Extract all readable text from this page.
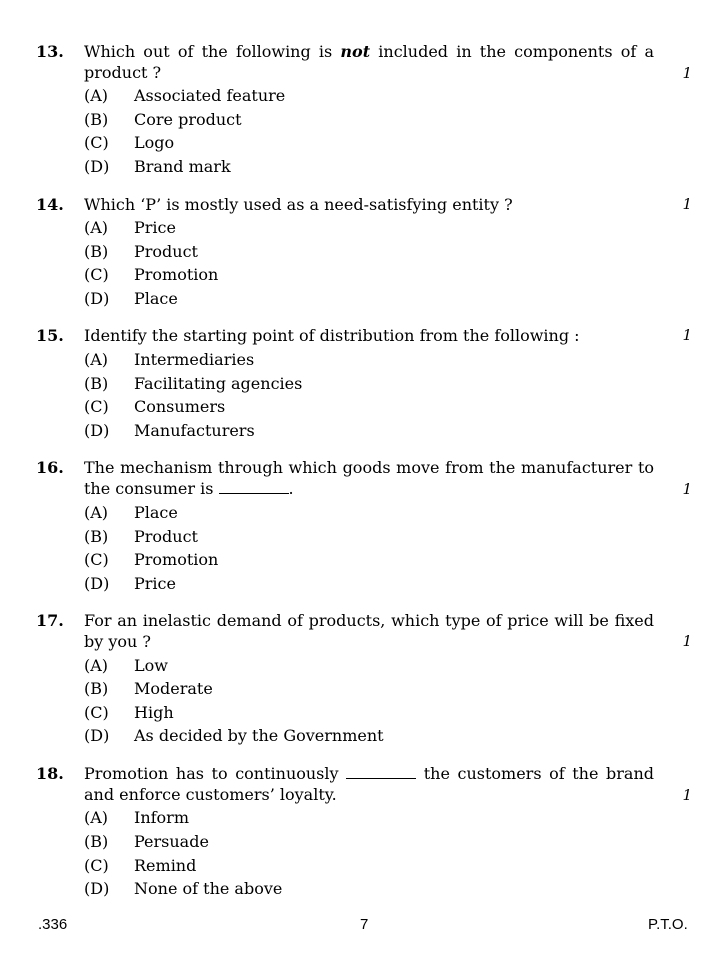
13. Which out of the following is not included in the components of a product ?	1
(A)	Associated feature
(B)	Core product
(C)	Logo
(D)	Brand mark
14. Which ‘P’ is mostly used as a need-satisfying entity ?	1
(A)	Price
(B)	Product
(C)	Promotion
(D)	Place
15. Identify the starting point of distribution from the following :	1
(A)	Intermediaries
(B)	Facilitating agencies
(C)	Consumers
(D)	Manufacturers
16. The mechanism through which goods move from the manufacturer to the consumer is	.	1
(A)	Place
(B)	Product
(C)	Promotion
(D)	Price
17. For an inelastic demand of products, which type of price will be fixed by you ?	1
(A)	Low
(B)	Moderate
(C)	High
(D)	As decided by the Government
18. Promotion has to continuously	the customers of the brand and enforce customers’ loyalty.	1
(A)	Inform
(B)	Persuade
(C)	Remind
(D)	None of the above
.336	7	P.T.O.
